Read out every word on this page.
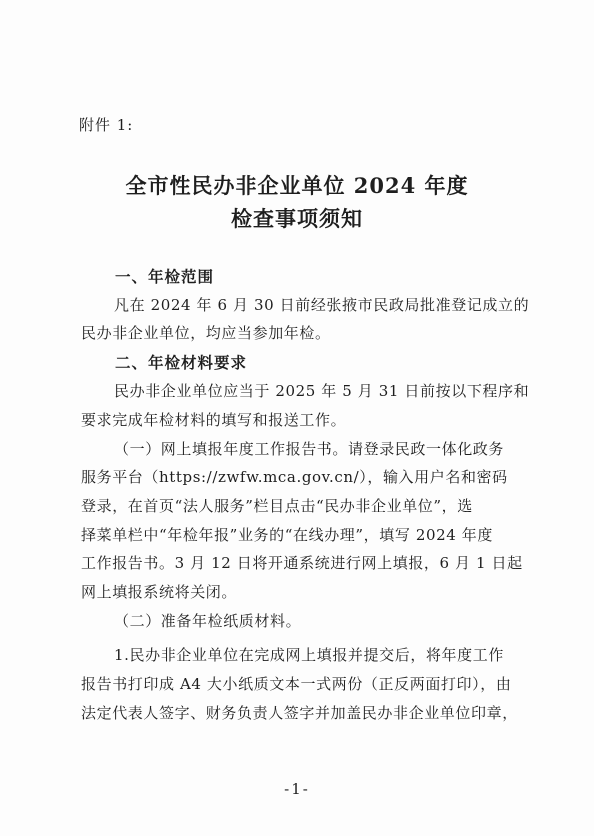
附件 1:
全市性民办非企业单位 2024 年度
检查事项须知
一、年检范围
凡在 2024 年 6 月 30 日前经张掖市民政局批准登记成立的
民办非企业单位，均应当参加年检。
二、年检材料要求
民办非企业单位应当于 2025 年 5 月 31 日前按以下程序和
要求完成年检材料的填写和报送工作。
（一）网上填报年度工作报告书。请登录民政一体化政务
服务平台（https://zwfw.mca.gov.cn/），输入用户名和密码
登录，在首页“法人服务”栏目点击“民办非企业单位”，选
择菜单栏中“年检年报”业务的“在线办理”，填写 2024 年度
工作报告书。3 月 12 日将开通系统进行网上填报，6 月 1 日起
网上填报系统将关闭。
（二）准备年检纸质材料。
1.民办非企业单位在完成网上填报并提交后，将年度工作
报告书打印成 A4 大小纸质文本一式两份（正反两面打印），由
法定代表人签字、财务负责人签字并加盖民办非企业单位印章，
-1-
